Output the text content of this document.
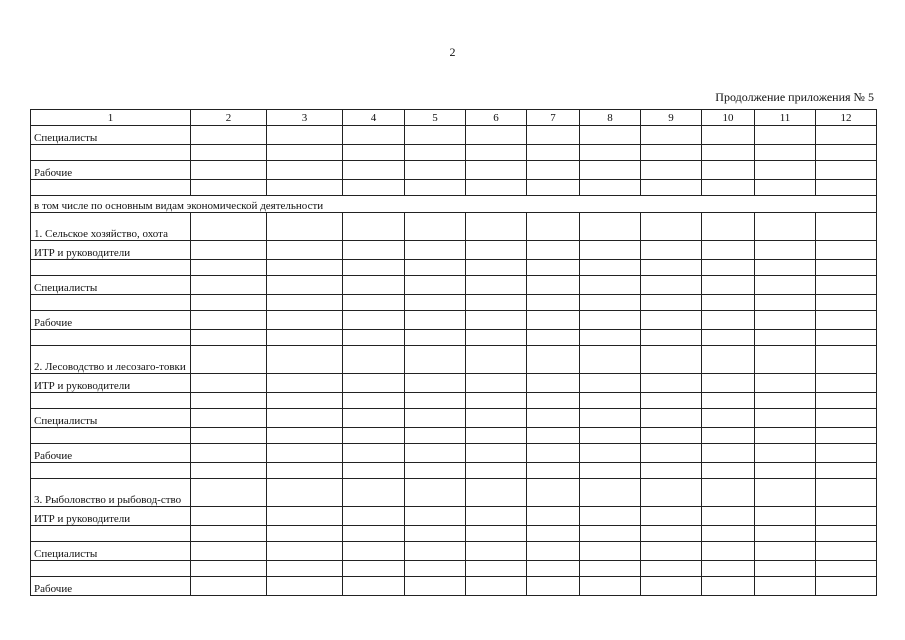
2
Продолжение приложения № 5
1	2	3	4	5	6	7	8	9	10	11	12
Специалисты											

Рабочие											

в том числе по основным видам экономической деятельности											
1. Сельское хозяйство, охота											
ИТР и руководители											

Специалисты											

Рабочие											

2. Лесоводство и лесозаго-товки											
ИТР и руководители											

Специалисты											

Рабочие											

3. Рыболовство и рыбовод-ство											
ИТР и руководители											

Специалисты											

Рабочие											
